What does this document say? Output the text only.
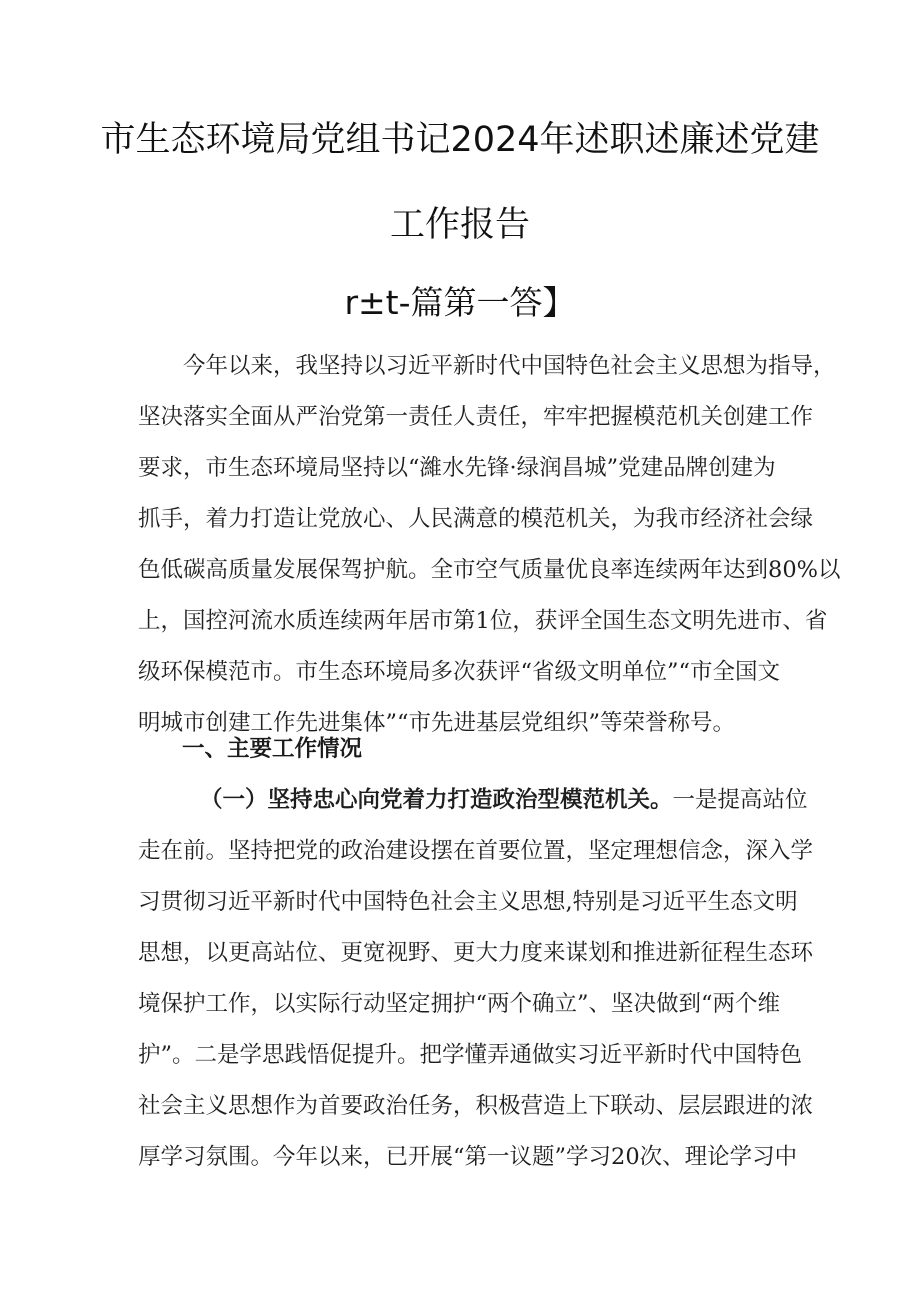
市生态环境局党组书记2024年述职述廉述党建
工作报告
r±t-篇第一答】
今年以来，我坚持以习近平新时代中国特色社会主义思想为指导，
坚决落实全面从严治党第一责任人责任，牢牢把握模范机关创建工作
要求，市生态环境局坚持以“濰水先锋·绿润昌城”党建品牌创建为
抓手，着力打造让党放心、人民满意的模范机关，为我市经济社会绿
色低碳高质量发展保驾护航。全市空气质量优良率连续两年达到80%以
上，国控河流水质连续两年居市第1位，获评全国生态文明先进市、省
级环保模范市。市生态环境局多次获评“省级文明单位”“市全国文
明城市创建工作先进集体”“市先进基层党组织”等荣誉称号。
一、主要工作情况
（一）坚持忠心向党着力打造政治型模范机关。一是提高站位
走在前。坚持把党的政治建设摆在首要位置，坚定理想信念，深入学
习贯彻习近平新时代中国特色社会主义思想,特别是习近平生态文明
思想，以更高站位、更宽视野、更大力度来谋划和推进新征程生态环
境保护工作，以实际行动坚定拥护“两个确立”、坚决做到“两个维
护”。二是学思践悟促提升。把学懂弄通做实习近平新时代中国特色
社会主义思想作为首要政治任务，积极营造上下联动、层层跟进的浓
厚学习氛围。今年以来，已开展“第一议题”学习20次、理论学习中
